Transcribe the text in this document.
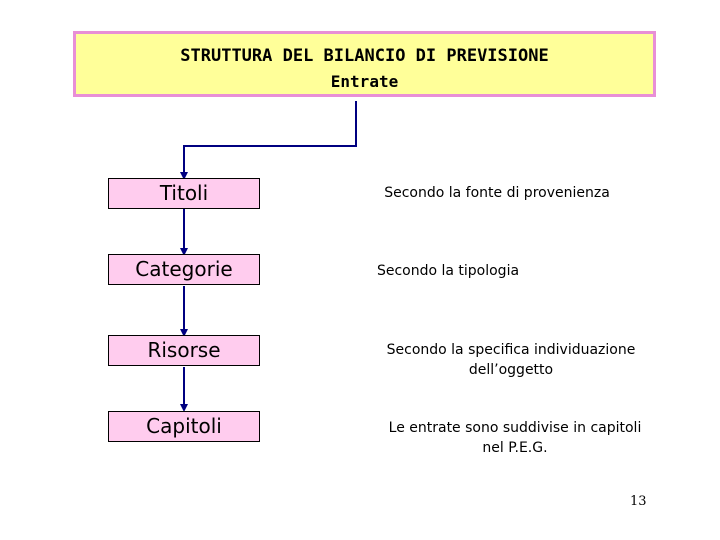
STRUTTURA DEL BILANCIO DI PREVISIONE
Entrate
Titoli
Categorie
Risorse
Capitoli
Secondo la fonte di provenienza
Secondo la tipologia
Secondo la specifica individuazione
dell’oggetto
Le entrate sono suddivise in capitoli
nel P.E.G.
13
